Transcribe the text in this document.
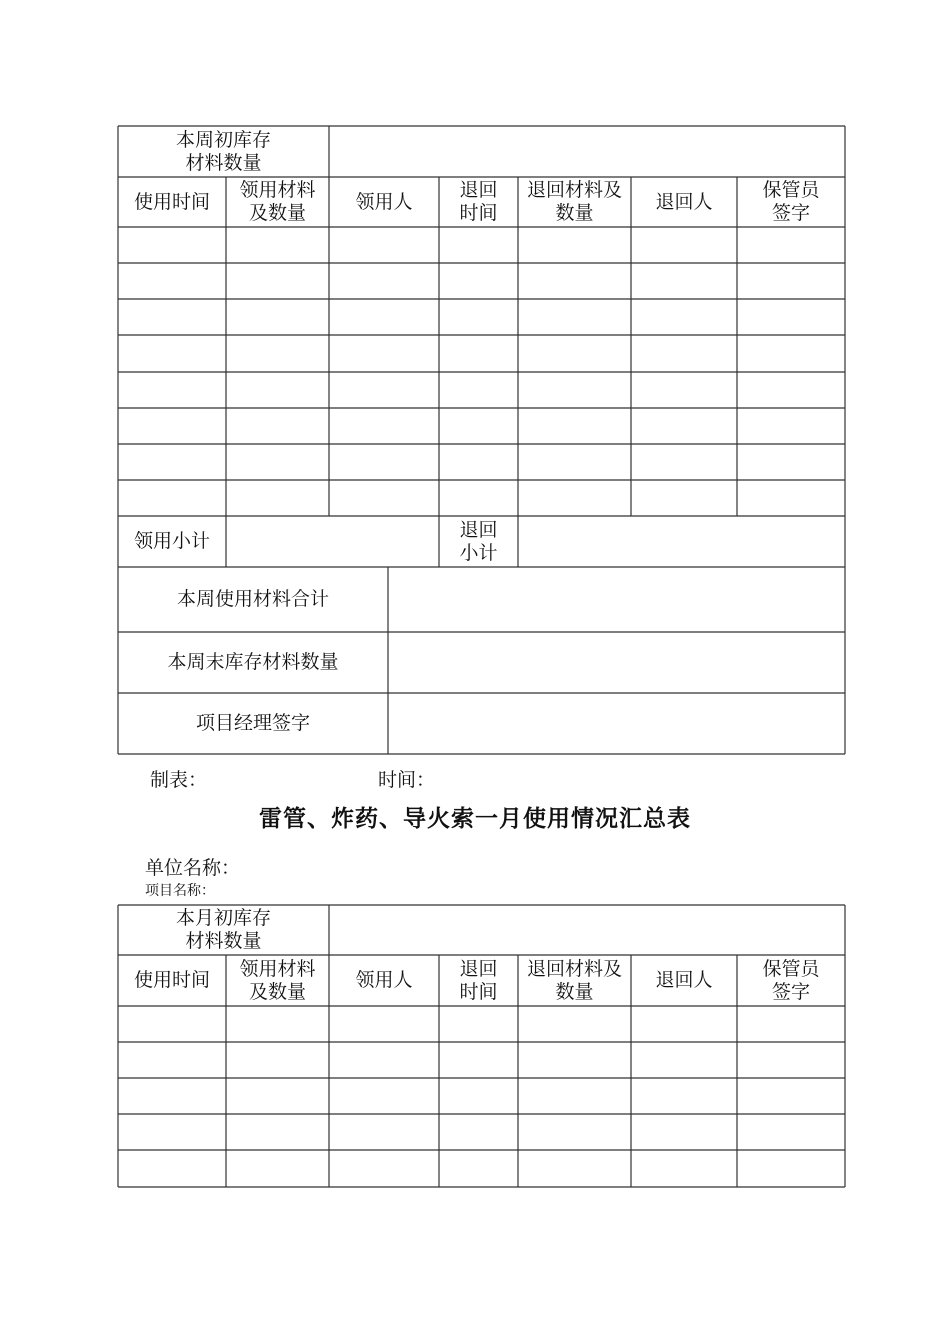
本周初库存
材料数量
使用时间
领用材料
及数量
领用人
退回
时间
退回材料及
数量
退回人
保管员
签字
领用小计
退回
小计
本周使用材料合计
本周末库存材料数量
项目经理签字
制表：	时间：
雷管、炸药、导火索一月使用情况汇总表
单位名称：
项目名称：
本月初库存
材料数量
使用时间
领用材料
及数量
领用人
退回
时间
退回材料及
数量
退回人
保管员
签字
